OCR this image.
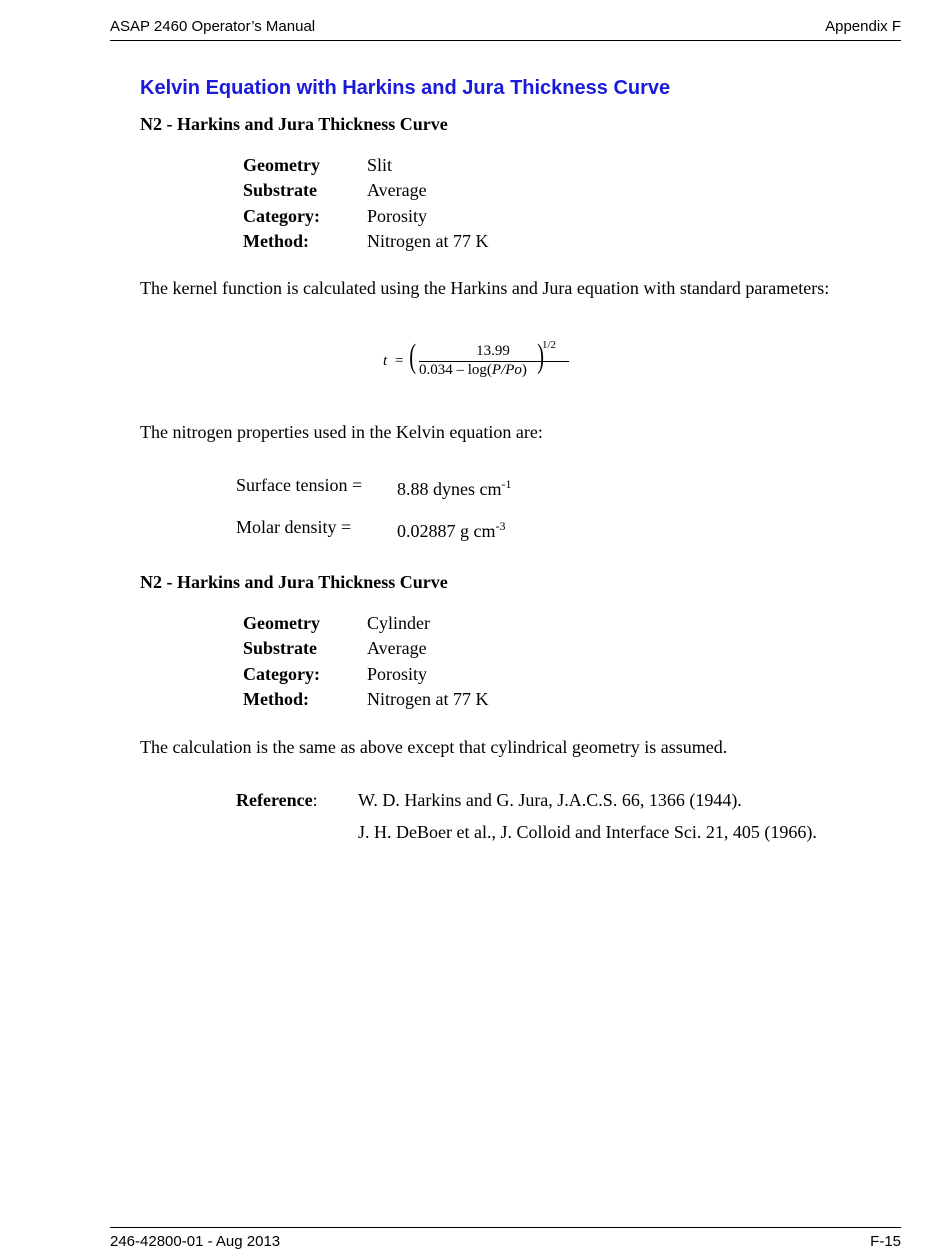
ASAP 2460 Operator’s Manual	Appendix F
Kelvin Equation with Harkins and Jura Thickness Curve
N2 - Harkins and Jura Thickness Curve
Geometry	Slit
Substrate	Average
Category:	Porosity
Method:	Nitrogen at 77 K
The kernel function is calculated using the Harkins and Jura equation with standard parameters:
t = (	13.99
0.034 – log(P/Po) )
1/2
The nitrogen properties used in the Kelvin equation are:
Surface tension = 8.88 dynes $cm^{-1}$
Molar density =	0.02887 g $cm^{-3}$
N2 - Harkins and Jura Thickness Curve
Geometry	Cylinder
Substrate	Average
Category:	Porosity
Method:	Nitrogen at 77 K
The calculation is the same as above except that cylindrical geometry is assumed.
Reference: W. D. Harkins and G. Jura, J.A.C.S. 66, 1366 (1944).
J. H. DeBoer et al., J. Colloid and Interface Sci. 21, 405 (1966).
246-42800-01 - Aug 2013	F-15
